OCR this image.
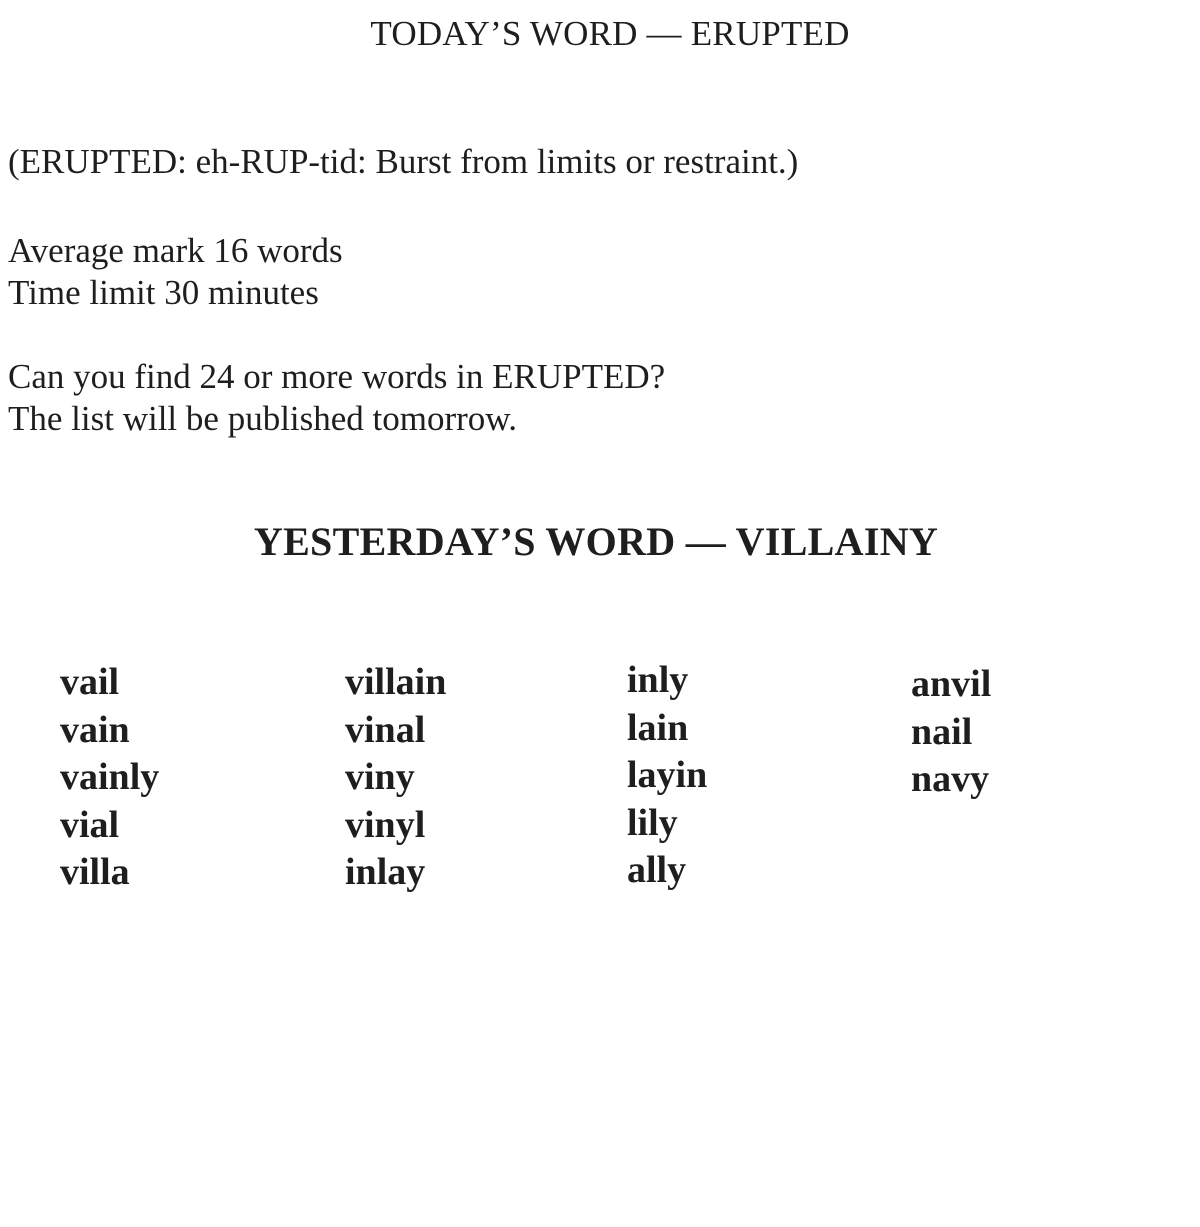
TODAY’S WORD — ERUPTED

(ERUPTED: eh-RUP-tid: Burst from limits or restraint.)

Average mark 16 words
Time limit 30 minutes

Can you find 24 or more words in ERUPTED?
The list will be published tomorrow.

YESTERDAY’S WORD — VILLAINY
vail
vain
vainly
vial
villa
villain
vinal
viny
vinyl
inlay
inly
lain
layin
lily
ally
anvil
nail
navy
